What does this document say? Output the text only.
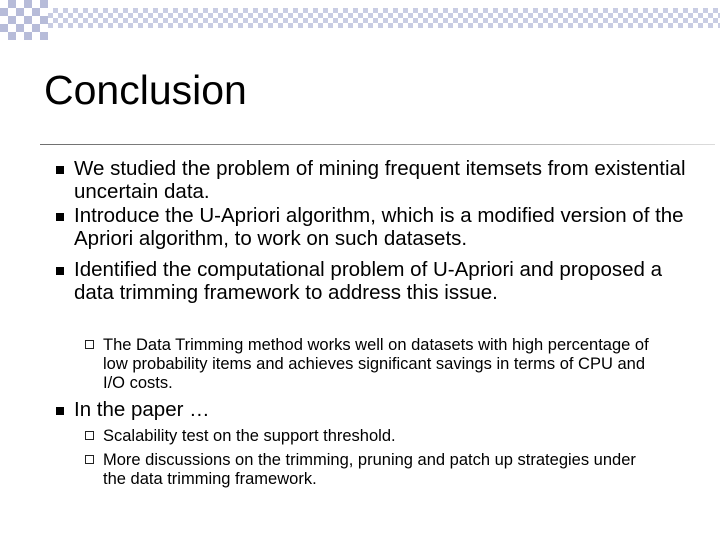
Conclusion
We studied the problem of mining frequent itemsets from existential uncertain data.
Introduce the U-Apriori algorithm, which is a modified version of the Apriori algorithm, to work on such datasets.
Identified the computational problem of U-Apriori and proposed a data trimming framework to address this issue.
The Data Trimming method works well on datasets with high percentage of low probability items and achieves significant savings in terms of CPU and I/O costs.
In the paper …
Scalability test on the support threshold.
More discussions on the trimming, pruning and patch up strategies under the data trimming framework.
